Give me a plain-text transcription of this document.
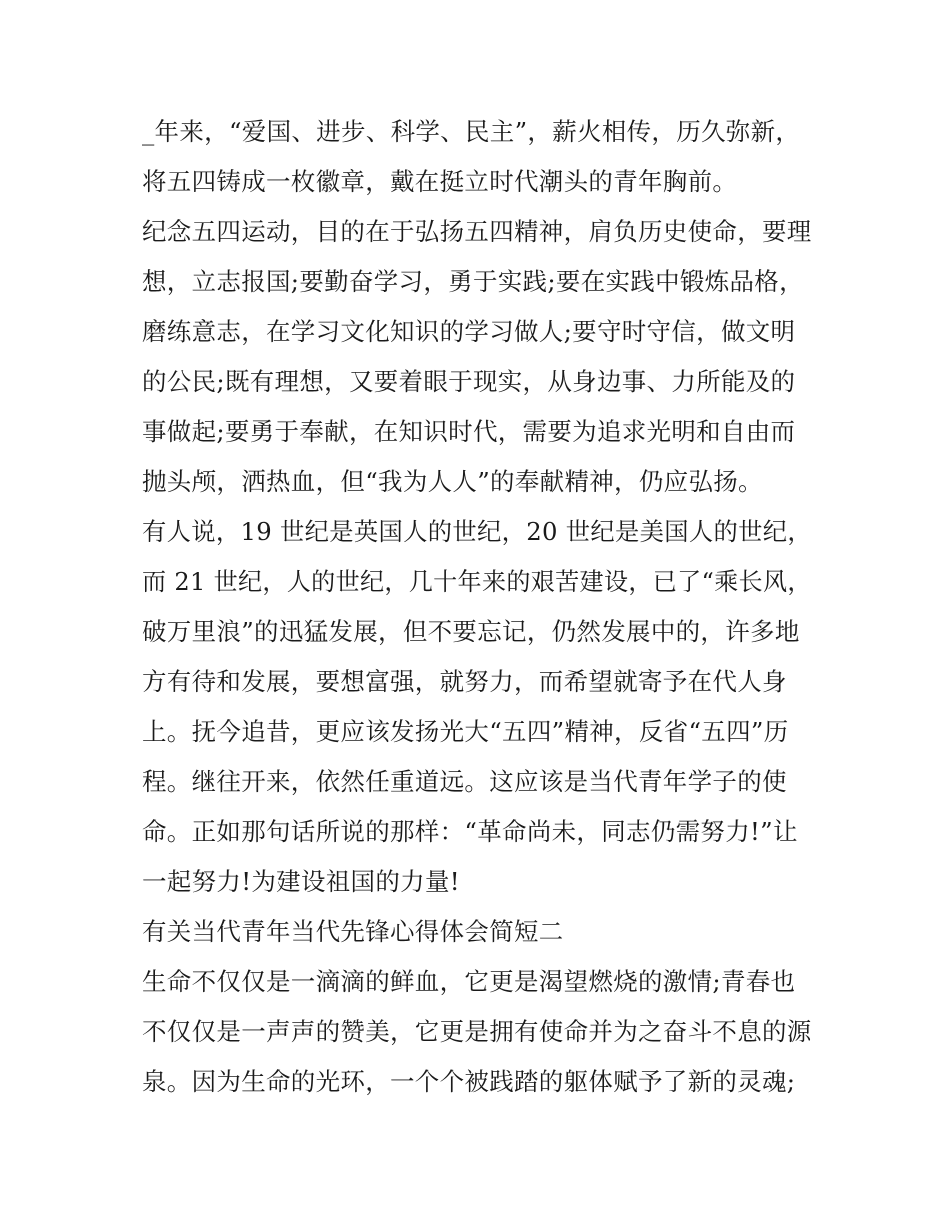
_年来，“爱国、进步、科学、民主”，薪火相传，历久弥新，
将五四铸成一枚徽章，戴在挺立时代潮头的青年胸前。
纪念五四运动，目的在于弘扬五四精神，肩负历史使命，要理
想，立志报国;要勤奋学习，勇于实践;要在实践中锻炼品格，
磨练意志，在学习文化知识的学习做人;要守时守信，做文明
的公民;既有理想，又要着眼于现实，从身边事、力所能及的
事做起;要勇于奉献，在知识时代，需要为追求光明和自由而
抛头颅，洒热血，但“我为人人”的奉献精神，仍应弘扬。
有人说，19 世纪是英国人的世纪，20 世纪是美国人的世纪，
而 21 世纪，人的世纪，几十年来的艰苦建设，已了“乘长风，
破万里浪”的迅猛发展，但不要忘记，仍然发展中的，许多地
方有待和发展，要想富强，就努力，而希望就寄予在代人身
上。抚今追昔，更应该发扬光大“五四”精神，反省“五四”历
程。继往开来，依然任重道远。这应该是当代青年学子的使
命。正如那句话所说的那样：“革命尚未，同志仍需努力!”让
一起努力!为建设祖国的力量!
有关当代青年当代先锋心得体会简短二
生命不仅仅是一滴滴的鲜血，它更是渴望燃烧的激情;青春也
不仅仅是一声声的赞美，它更是拥有使命并为之奋斗不息的源
泉。因为生命的光环，一个个被践踏的躯体赋予了新的灵魂;
